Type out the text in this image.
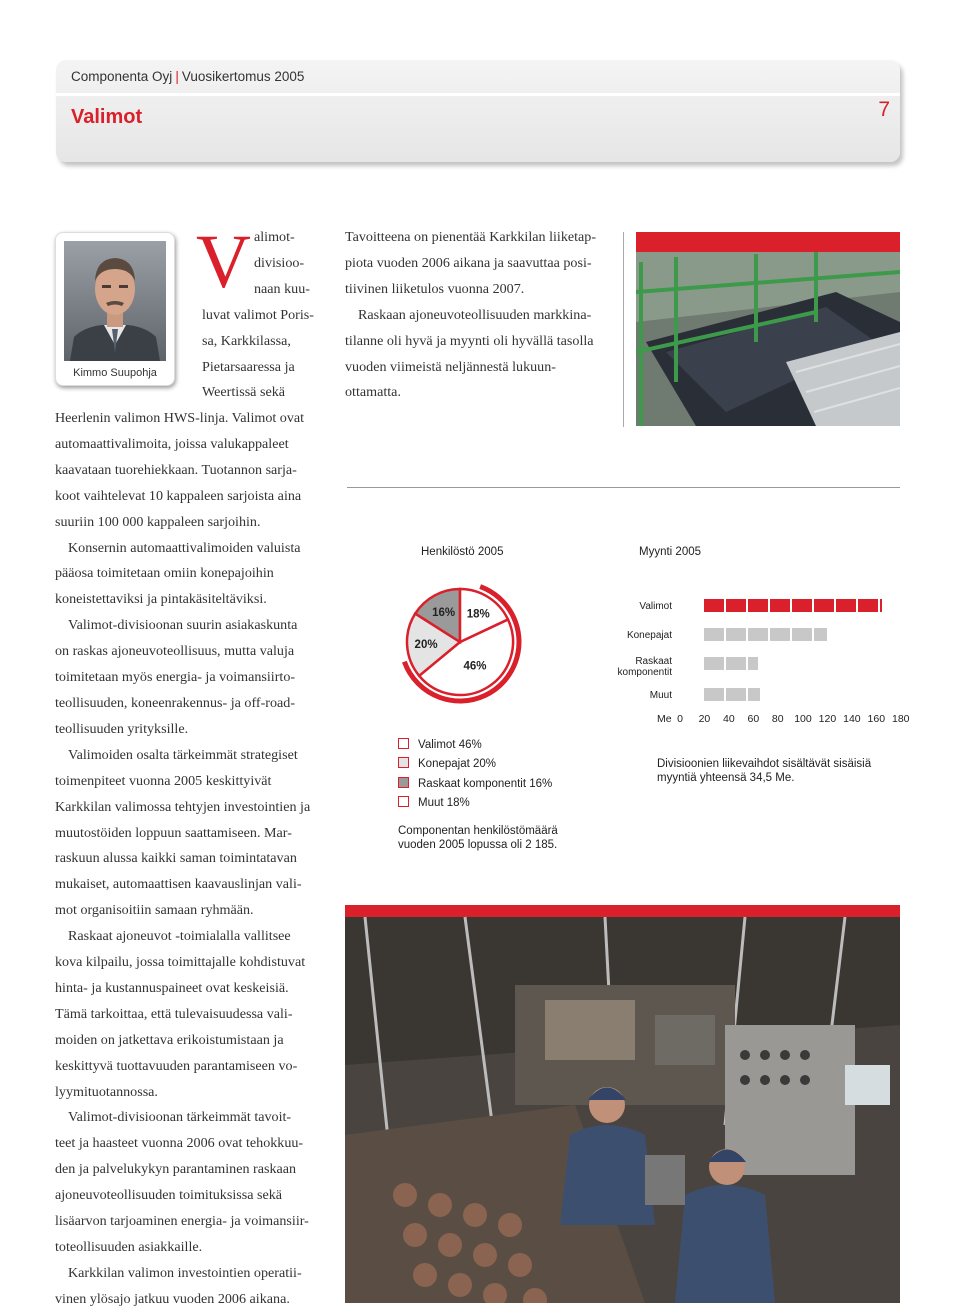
Componenta Oyj | Vuosikertomus 2005
Valimot	7
Kimmo Suupohja
V alimot-
divisioo-
naan kuu-
luvat valimot Poris-
sa, Karkkilassa,
Pietarsaaressa ja
Weertissä sekä
Heerlenin valimon HWS-linja. Valimot ovat
automaattivalimoita, joissa valukappaleet
kaavataan tuorehiekkaan. Tuotannon sarja-
koot vaihtelevat 10 kappaleen sarjoista aina
suuriin 100 000 kappaleen sarjoihin.
Konsernin automaattivalimoiden valuista
pääosa toimitetaan omiin konepajoihin
koneistettaviksi ja pintakäsiteltäviksi.
Valimot-divisioonan suurin asiakaskunta
on raskas ajoneuvoteollisuus, mutta valuja
toimitetaan myös energia- ja voimansiirto-
teollisuuden, koneenrakennus- ja off-road-
teollisuuden yrityksille.
Valimoiden osalta tärkeimmät strategiset
toimenpiteet vuonna 2005 keskittyivät
Karkkilan valimossa tehtyjen investointien ja
muutostöiden loppuun saattamiseen. Mar-
raskuun alussa kaikki saman toimintatavan
mukaiset, automaattisen kaavauslinjan vali-
mot organisoitiin samaan ryhmään.
Raskaat ajoneuvot -toimialalla vallitsee
kova kilpailu, jossa toimittajalle kohdistuvat
hinta- ja kustannuspaineet ovat keskeisiä.
Tämä tarkoittaa, että tulevaisuudessa vali-
moiden on jatkettava erikoistumistaan ja
keskittyvä tuottavuuden parantamiseen vo-
lyymituotannossa.
Valimot-divisioonan tärkeimmät tavoit-
teet ja haasteet vuonna 2006 ovat tehokkuu-
den ja palvelukykyn parantaminen raskaan
ajoneuvoteollisuuden toimituksissa sekä
lisäarvon tarjoaminen energia- ja voimansiir-
toteollisuuden asiakkaille.
Karkkilan valimon investointien operatii-
vinen ylösajo jatkuu vuoden 2006 aikana.
Tavoitteena on pienentää Karkkilan liiketap-
piota vuoden 2006 aikana ja saavuttaa posi-
tiivinen liiketulos vuonna 2007.
Raskaan ajoneuvoteollisuuden markkina-
tilanne oli hyvä ja myynti oli hyvällä tasolla
vuoden viimeistä neljännestä lukuun-
ottamatta.
Henkilöstö 2005
46%
20%
16% 18%
Valimot 46%
Konepajat 20%
Raskaat komponentit 16%
Muut 18%
Componentan henkilöstömäärä
vuoden 2005 lopussa oli 2 185.
Myynti 2005
Valimot
Konepajat
Raskaat
komponentit
Muut
Me 0	20 40 60 80 100 120 140 160 180
Divisioonien liikevaihdot sisältävät sisäisiä
myyntiä yhteensä 34,5 Me.
